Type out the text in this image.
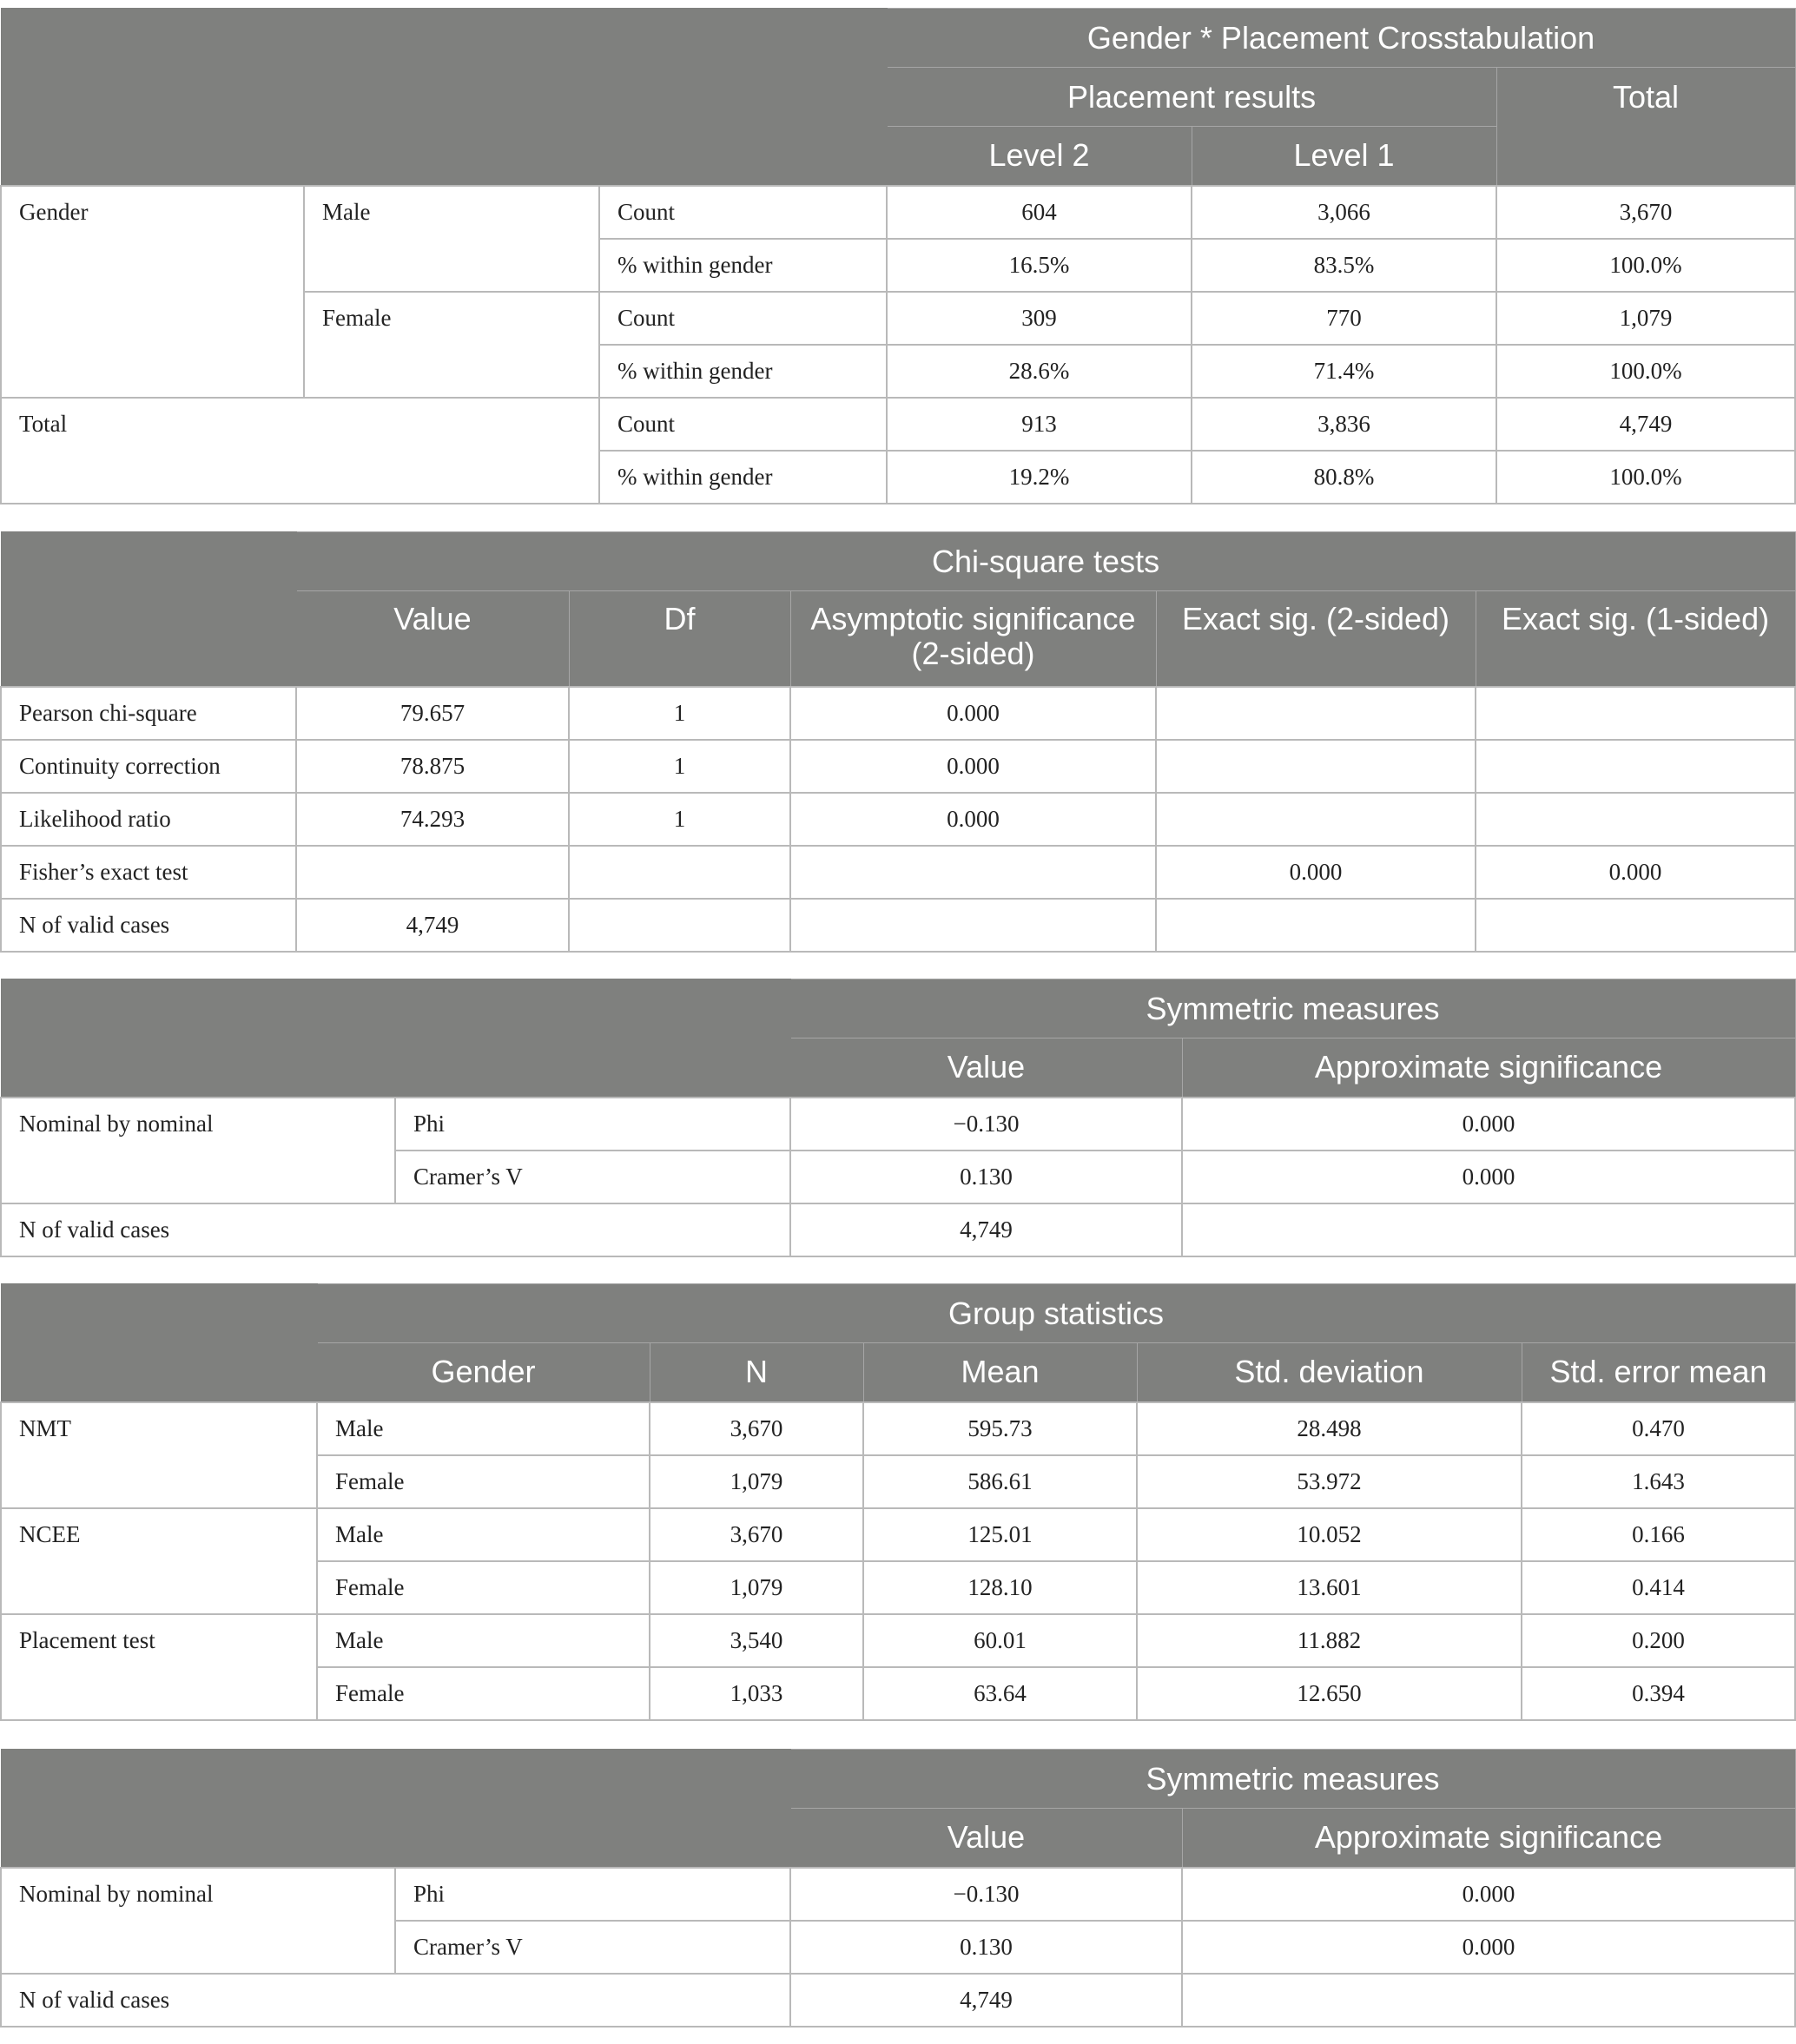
			Gender * Placement Crosstabulation		
			Placement results		Total
			Level 2	Level 1	
Gender	Male	Count	604	3,066	3,670
		% within gender	16.5%	83.5%	100.0%
	Female	Count	309	770	1,079
		% within gender	28.6%	71.4%	100.0%
Total		Count	913	3,836	4,749
		% within gender	19.2%	80.8%	100.0%
	Chi-square tests				
	Value	Df	Asymptotic significance (2-sided)	Exact sig. (2-sided)	Exact sig. (1-sided)
Pearson chi-square	79.657	1	0.000		
Continuity correction	78.875	1	0.000		
Likelihood ratio	74.293	1	0.000		
Fisher’s exact test				0.000	0.000
N of valid cases	4,749				
		Symmetric measures	
		Value	Approximate significance
Nominal by nominal	Phi	−0.130	0.000
	Cramer’s V	0.130	0.000
N of valid cases		4,749	
	Group statistics				
	Gender	N	Mean	Std. deviation	Std. error mean
NMT	Male	3,670	595.73	28.498	0.470
	Female	1,079	586.61	53.972	1.643
NCEE	Male	3,670	125.01	10.052	0.166
	Female	1,079	128.10	13.601	0.414
Placement test	Male	3,540	60.01	11.882	0.200
	Female	1,033	63.64	12.650	0.394
		Symmetric measures	
		Value	Approximate significance
Nominal by nominal	Phi	−0.130	0.000
	Cramer’s V	0.130	0.000
N of valid cases		4,749	
